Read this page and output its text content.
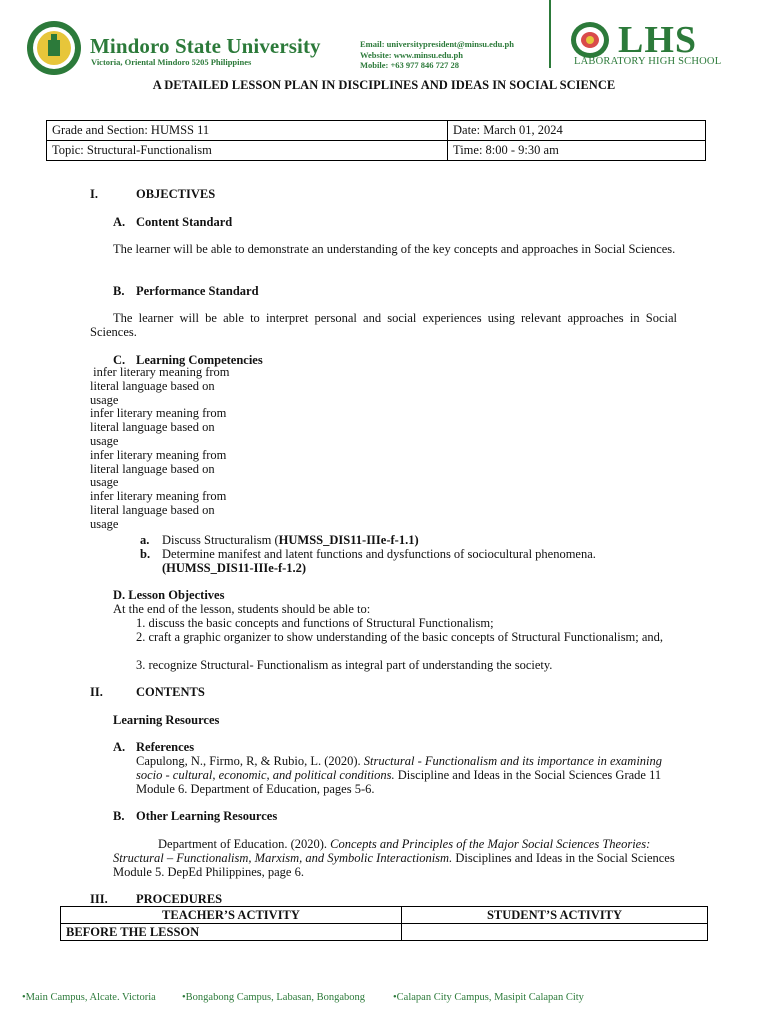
Mindoro State University
Victoria, Oriental Mindoro 5205 Philippines
Email: universitypresident@minsu.edu.ph
Website: www.minsu.edu.ph
Mobile: +63 977 846 727 28
LHS
LABORATORY HIGH SCHOOL
A DETAILED LESSON PLAN IN DISCIPLINES AND IDEAS IN SOCIAL SCIENCE
Grade and Section: HUMSS 11	Date: March 01, 2024
Topic: Structural-Functionalism	Time: 8:00 - 9:30 am
I.	OBJECTIVES
A. Content Standard
The learner will be able to demonstrate an understanding of the key concepts and approaches in Social Sciences.
B. Performance Standard
The learner will be able to interpret personal and social experiences using relevant approaches in Social Sciences.
C. Learning Competencies
infer literary meaning from
literal language based on
usage
infer literary meaning from
literal language based on
usage
infer literary meaning from
literal language based on
usage
infer literary meaning from
literal language based on
usage
a. Discuss Structuralism (HUMSS_DIS11-IIIe-f-1.1)
b. Determine manifest and latent functions and dysfunctions of sociocultural phenomena.
(HUMSS_DIS11-IIIe-f-1.2)
D. Lesson Objectives
At the end of the lesson, students should be able to:
1. discuss the basic concepts and functions of Structural Functionalism;
2. craft a graphic organizer to show understanding of the basic concepts of Structural Functionalism; and,
3. recognize Structural- Functionalism as integral part of understanding the society.
II.	CONTENTS
Learning Resources
A. References
Capulong, N., Firmo, R, & Rubio, L. (2020). Structural - Functionalism and its importance in examining socio - cultural, economic, and political conditions. Discipline and Ideas in the Social Sciences Grade 11 Module 6. Department of Education, pages 5-6.
B. Other Learning Resources
Department of Education. (2020). Concepts and Principles of the Major Social Sciences Theories: Structural – Functionalism, Marxism, and Symbolic Interactionism. Disciplines and Ideas in the Social Sciences Module 5. DepEd Philippines, page 6.
III. PROCEDURES
TEACHER’S ACTIVITY	STUDENT’S ACTIVITY
BEFORE THE LESSON	
•Main Campus, Alcate. Victoria •Bongabong Campus, Labasan, Bongabong	•Calapan City Campus, Masipit Calapan City
